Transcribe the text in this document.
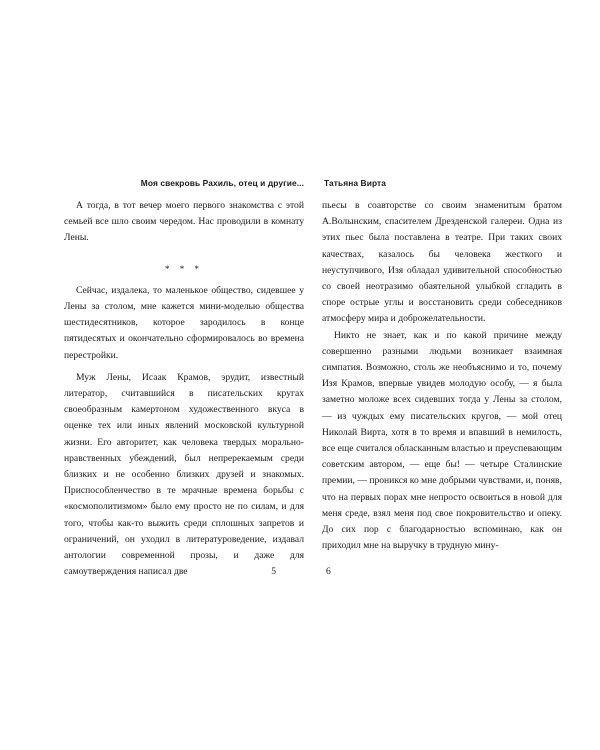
Моя свекровь Рахиль, отец и другие...

А тогда, в тот вечер моего первого знакомства с этой семьей все шло своим чередом. Нас проводили в комнату Лены.

* * *

Сейчас, издалека, то маленькое общество, сидевшее у Лены за столом, мне кажется мини-моделью общества шестидесятников, которое зародилось в конце пятидесятых и окончательно сформировалось во времена перестройки.

Муж Лены, Исаак Крамов, эрудит, известный литератор, считавшийся в писательских кругах своеобразным камертоном художественного вкуса в оценке тех или иных явлений московской культурной жизни. Его авторитет, как человека твердых морально-нравственных убеждений, был непререкаемым среди близких и не особенно близких друзей и знакомых. Приспособленчество в те мрачные времена борьбы с «космополитизмом» было ему просто не по силам, и для того, чтобы как-то выжить среди сплошных запретов и ограничений, он уходил в литературоведение, издавал антологии современной прозы, и даже для самоутверждения написал две	5
Татьяна Вирта

пьесы в соавторстве со своим знаменитым братом А.Волынским, спасителем Дрезденской галереи. Одна из этих пьес была поставлена в театре. При таких своих качествах, казалось бы человека жесткого и неуступчивого, Изя обладал удивительной способностью со своей неотразимо обаятельной улыбкой сгладить в споре острые углы и восстановить среди собеседников атмосферу мира и доброжелательности.

Никто не знает, как и по какой причине между совершенно разными людьми возникает взаимная симпатия. Возможно, столь же необъяснимо и то, почему Изя Крамов, впервые увидев молодую особу, — я была заметно моложе всех сидевших тогда у Лены за столом, — из чуждых ему писательских кругов, — мой отец Николай Вирта, хотя в то время и впавший в немилость, все еще считался обласканным властью и преуспевающим советским автором, — еще бы! — четыре Сталинские премии, — проникся ко мне добрыми чувствами, и, поняв, что на первых порах мне непросто освоиться в новой для меня среде, взял меня под свое покровительство и опеку. До сих пор с благодарностью вспоминаю, как он приходил мне на выручку в трудную мину-

6
